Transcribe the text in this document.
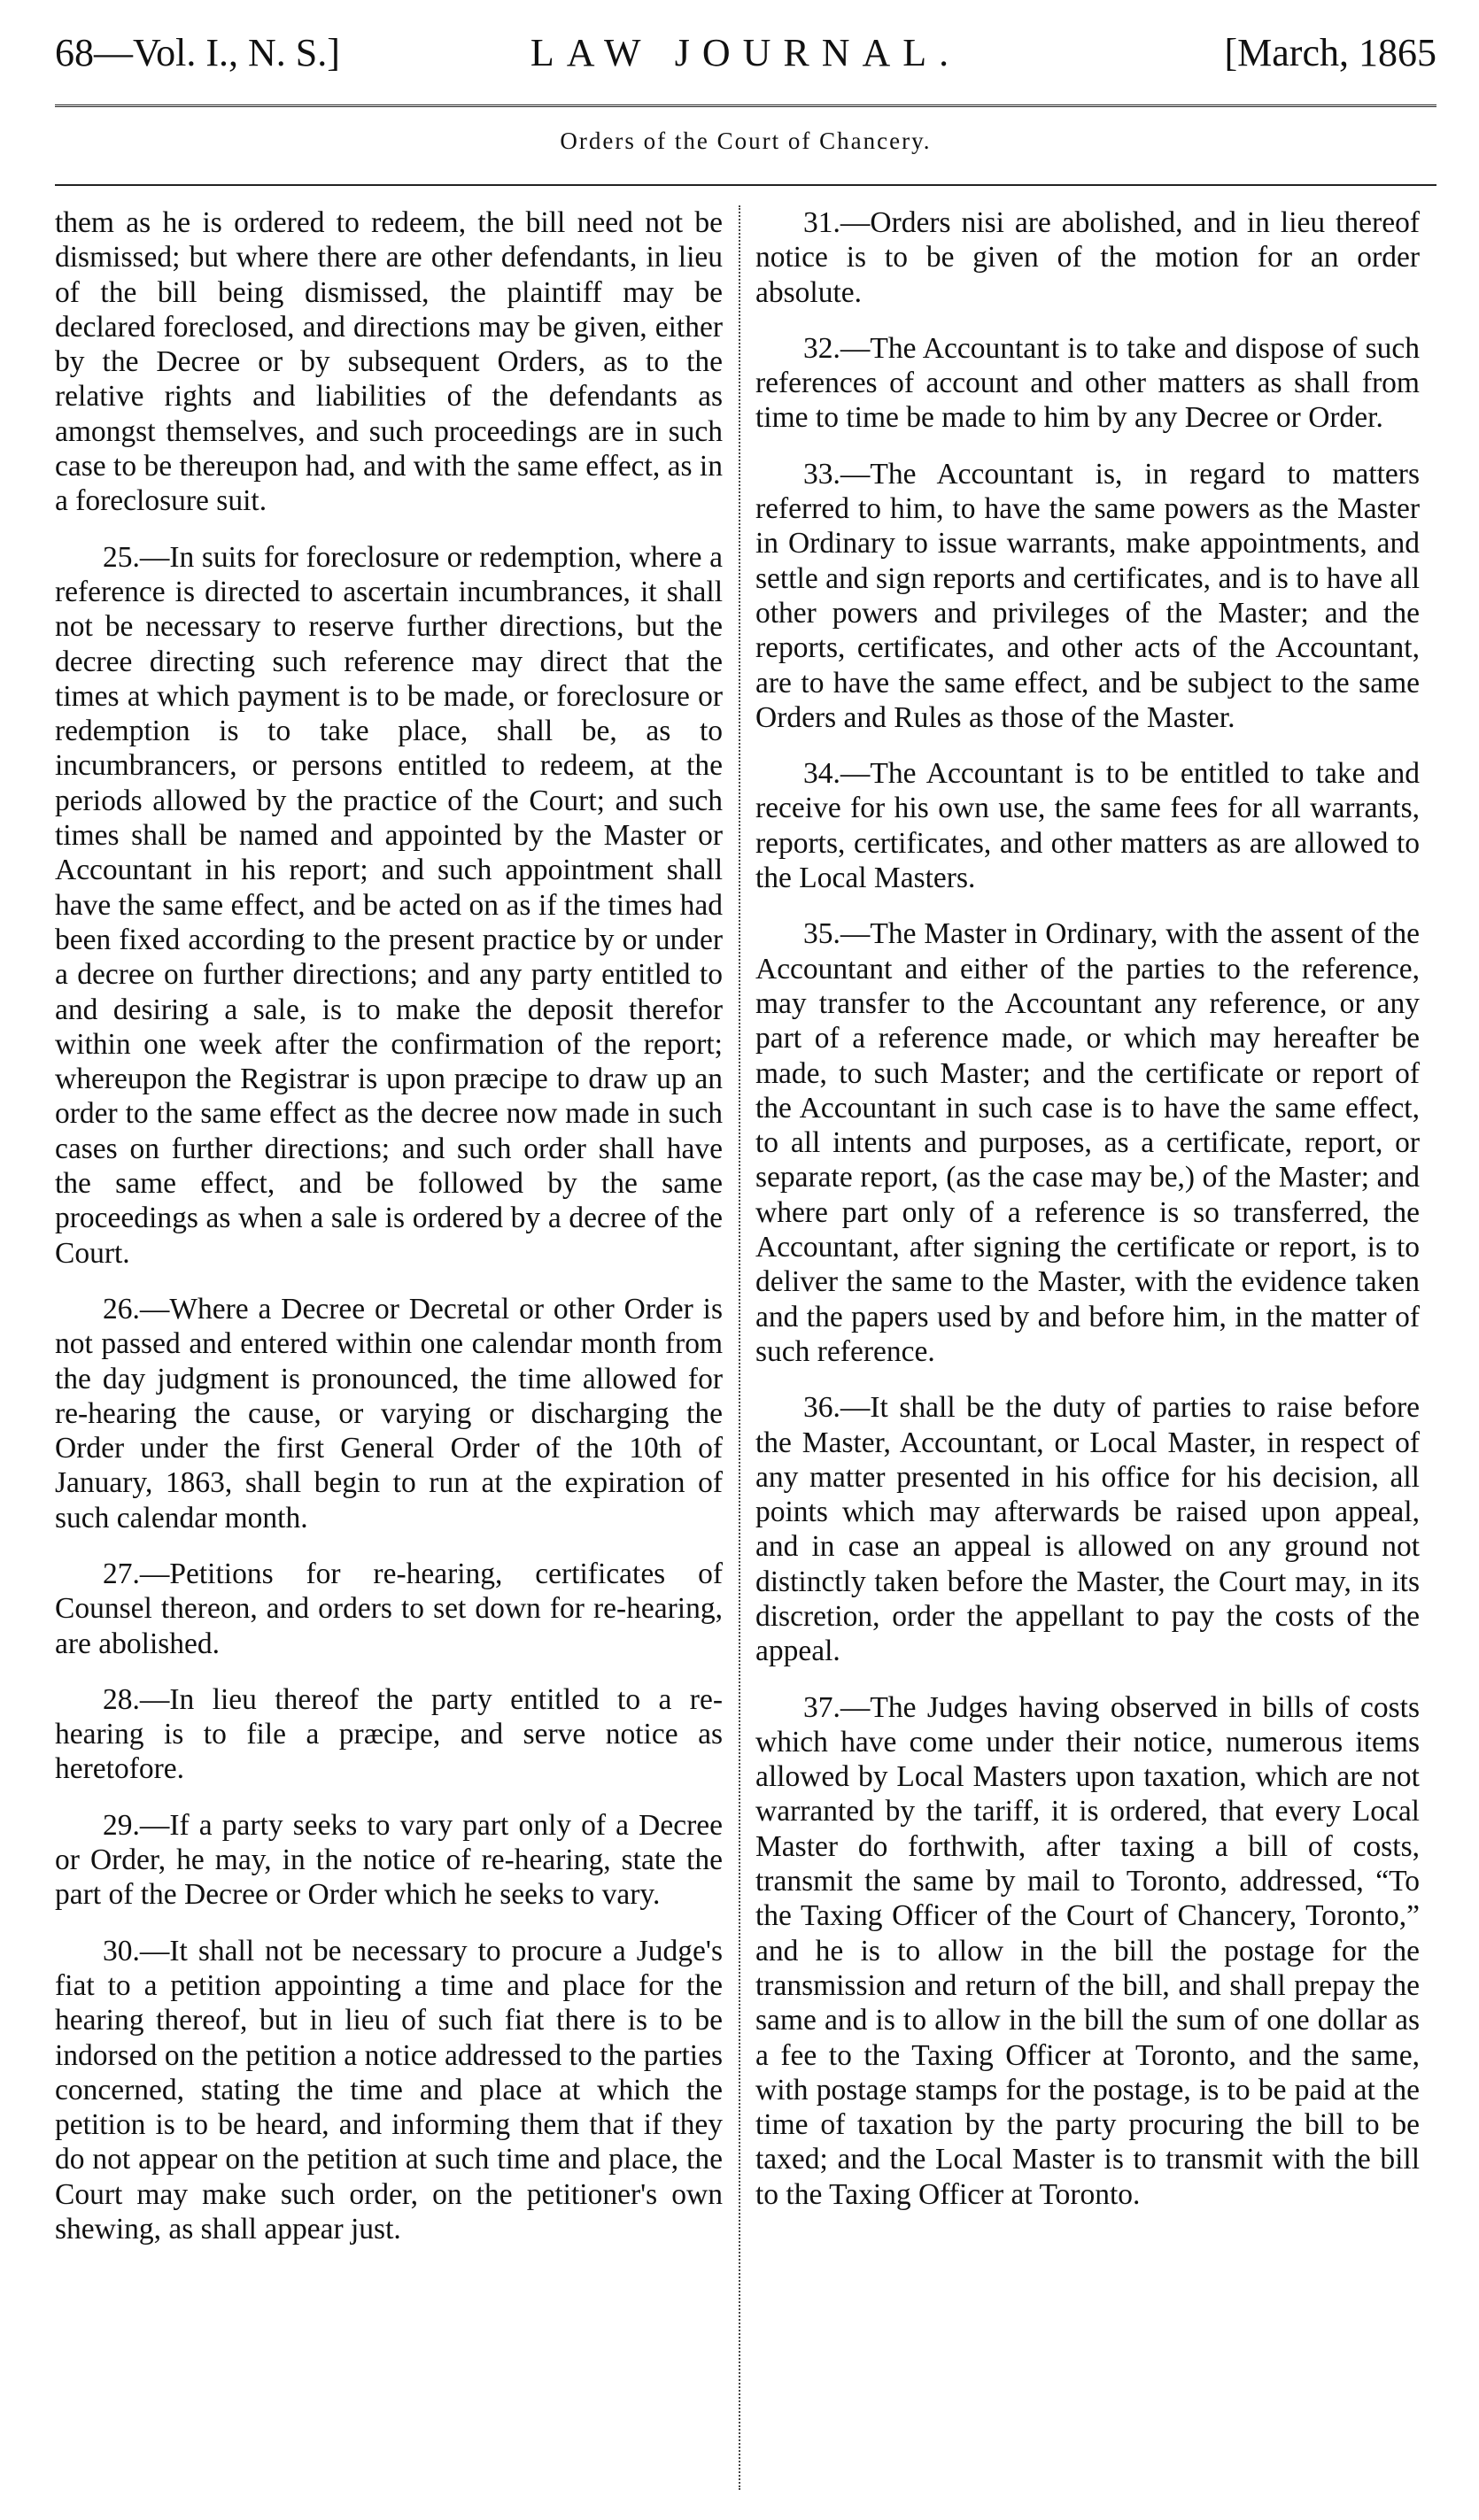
68—Vol. I., N. S.]	LAW JOURNAL.	[March, 1865
Orders of the Court of Chancery.

them as he is ordered to redeem, the bill need not be dismissed; but where there are other defendants, in lieu of the bill being dismissed, the plaintiff may be declared foreclosed, and directions may be given, either by the Decree or by subsequent Orders, as to the relative rights and liabilities of the defendants as amongst themselves, and such proceedings are in such case to be thereupon had, and with the same effect, as in a foreclosure suit.

25.—In suits for foreclosure or redemption, where a reference is directed to ascertain incumbrances, it shall not be necessary to reserve further directions, but the decree directing such reference may direct that the times at which payment is to be made, or foreclosure or redemption is to take place, shall be, as to incumbrancers, or persons entitled to redeem, at the periods allowed by the practice of the Court; and such times shall be named and appointed by the Master or Accountant in his report; and such appointment shall have the same effect, and be acted on as if the times had been fixed according to the present practice by or under a decree on further directions; and any party entitled to and desiring a sale, is to make the deposit therefor within one week after the confirmation of the report; whereupon the Registrar is upon præcipe to draw up an order to the same effect as the decree now made in such cases on further directions; and such order shall have the same effect, and be followed by the same proceedings as when a sale is ordered by a decree of the Court.

26.—Where a Decree or Decretal or other Order is not passed and entered within one calendar month from the day judgment is pronounced, the time allowed for re-hearing the cause, or varying or discharging the Order under the first General Order of the 10th of January, 1863, shall begin to run at the expiration of such calendar month.

27.—Petitions for re-hearing, certificates of Counsel thereon, and orders to set down for re-hearing, are abolished.

28.—In lieu thereof the party entitled to a re-hearing is to file a præcipe, and serve notice as heretofore.

29.—If a party seeks to vary part only of a Decree or Order, he may, in the notice of re-hearing, state the part of the Decree or Order which he seeks to vary.

30.—It shall not be necessary to procure a Judge's fiat to a petition appointing a time and place for the hearing thereof, but in lieu of such fiat there is to be indorsed on the petition a notice addressed to the parties concerned, stating the time and place at which the petition is to be heard, and informing them that if they do not appear on the petition at such time and place, the Court may make such order, on the petitioner's own shewing, as shall appear just.

31.—Orders nisi are abolished, and in lieu thereof notice is to be given of the motion for an order absolute.

32.—The Accountant is to take and dispose of such references of account and other matters as shall from time to time be made to him by any Decree or Order.

33.—The Accountant is, in regard to matters referred to him, to have the same powers as the Master in Ordinary to issue warrants, make appointments, and settle and sign reports and certificates, and is to have all other powers and privileges of the Master; and the reports, certificates, and other acts of the Accountant, are to have the same effect, and be subject to the same Orders and Rules as those of the Master.

34.—The Accountant is to be entitled to take and receive for his own use, the same fees for all warrants, reports, certificates, and other matters as are allowed to the Local Masters.

35.—The Master in Ordinary, with the assent of the Accountant and either of the parties to the reference, may transfer to the Accountant any reference, or any part of a reference made, or which may hereafter be made, to such Master; and the certificate or report of the Accountant in such case is to have the same effect, to all intents and purposes, as a certificate, report, or separate report, (as the case may be,) of the Master; and where part only of a reference is so transferred, the Accountant, after signing the certificate or report, is to deliver the same to the Master, with the evidence taken and the papers used by and before him, in the matter of such reference.

36.—It shall be the duty of parties to raise before the Master, Accountant, or Local Master, in respect of any matter presented in his office for his decision, all points which may afterwards be raised upon appeal, and in case an appeal is allowed on any ground not distinctly taken before the Master, the Court may, in its discretion, order the appellant to pay the costs of the appeal.

37.—The Judges having observed in bills of costs which have come under their notice, numerous items allowed by Local Masters upon taxation, which are not warranted by the tariff, it is ordered, that every Local Master do forthwith, after taxing a bill of costs, transmit the same by mail to Toronto, addressed, “To the Taxing Officer of the Court of Chancery, Toronto,” and he is to allow in the bill the postage for the transmission and return of the bill, and shall prepay the same and is to allow in the bill the sum of one dollar as a fee to the Taxing Officer at Toronto, and the same, with postage stamps for the postage, is to be paid at the time of taxation by the party procuring the bill to be taxed; and the Local Master is to transmit with the bill to the Taxing Officer at Toronto.
